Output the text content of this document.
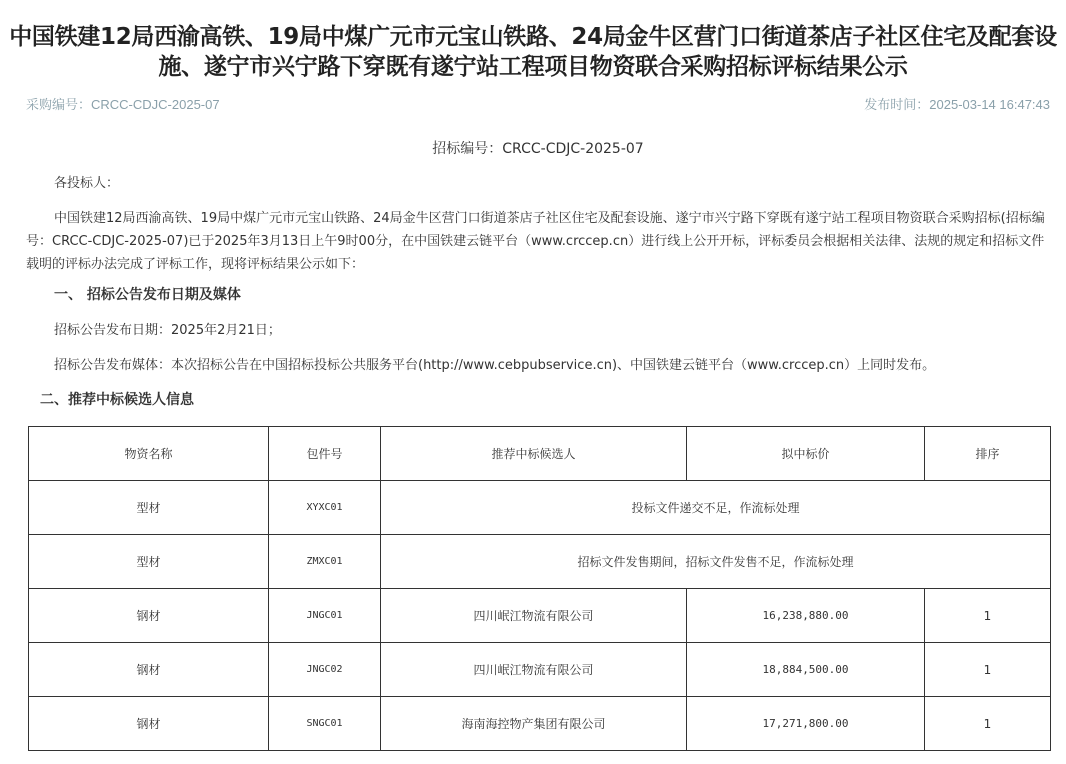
中国铁建12局西渝高铁、19局中煤广元市元宝山铁路、24局金牛区营门口街道茶店子社区住宅及配套设施、遂宁市兴宁路下穿既有遂宁站工程项目物资联合采购招标评标结果公示
采购编号：CRCC-CDJC-2025-07	发布时间：2025-03-14 16:47:43
招标编号：CRCC-CDJC-2025-07
各投标人：
中国铁建12局西渝高铁、19局中煤广元市元宝山铁路、24局金牛区营门口街道茶店子社区住宅及配套设施、遂宁市兴宁路下穿既有遂宁站工程项目物资联合采购招标(招标编号：CRCC-CDJC-2025-07)已于2025年3月13日上午9时00分，在中国铁建云链平台（www.crccep.cn）进行线上公开开标，评标委员会根据相关法律、法规的规定和招标文件载明的评标办法完成了评标工作，现将评标结果公示如下：
一、 招标公告发布日期及媒体
招标公告发布日期：2025年2月21日；
招标公告发布媒体：本次招标公告在中国招标投标公共服务平台(http://www.cebpubservice.cn)、中国铁建云链平台（www.crccep.cn）上同时发布。
二、推荐中标候选人信息
物资名称	包件号	推荐中标候选人	拟中标价	排序
型材	XYXC01	投标文件递交不足，作流标处理		
型材	ZMXC01	招标文件发售期间，招标文件发售不足，作流标处理		
钢材	JNGC01	四川岷江物流有限公司	16,238,880.00	1
钢材	JNGC02	四川岷江物流有限公司	18,884,500.00	1
钢材	SNGC01	海南海控物产集团有限公司	17,271,800.00	1
